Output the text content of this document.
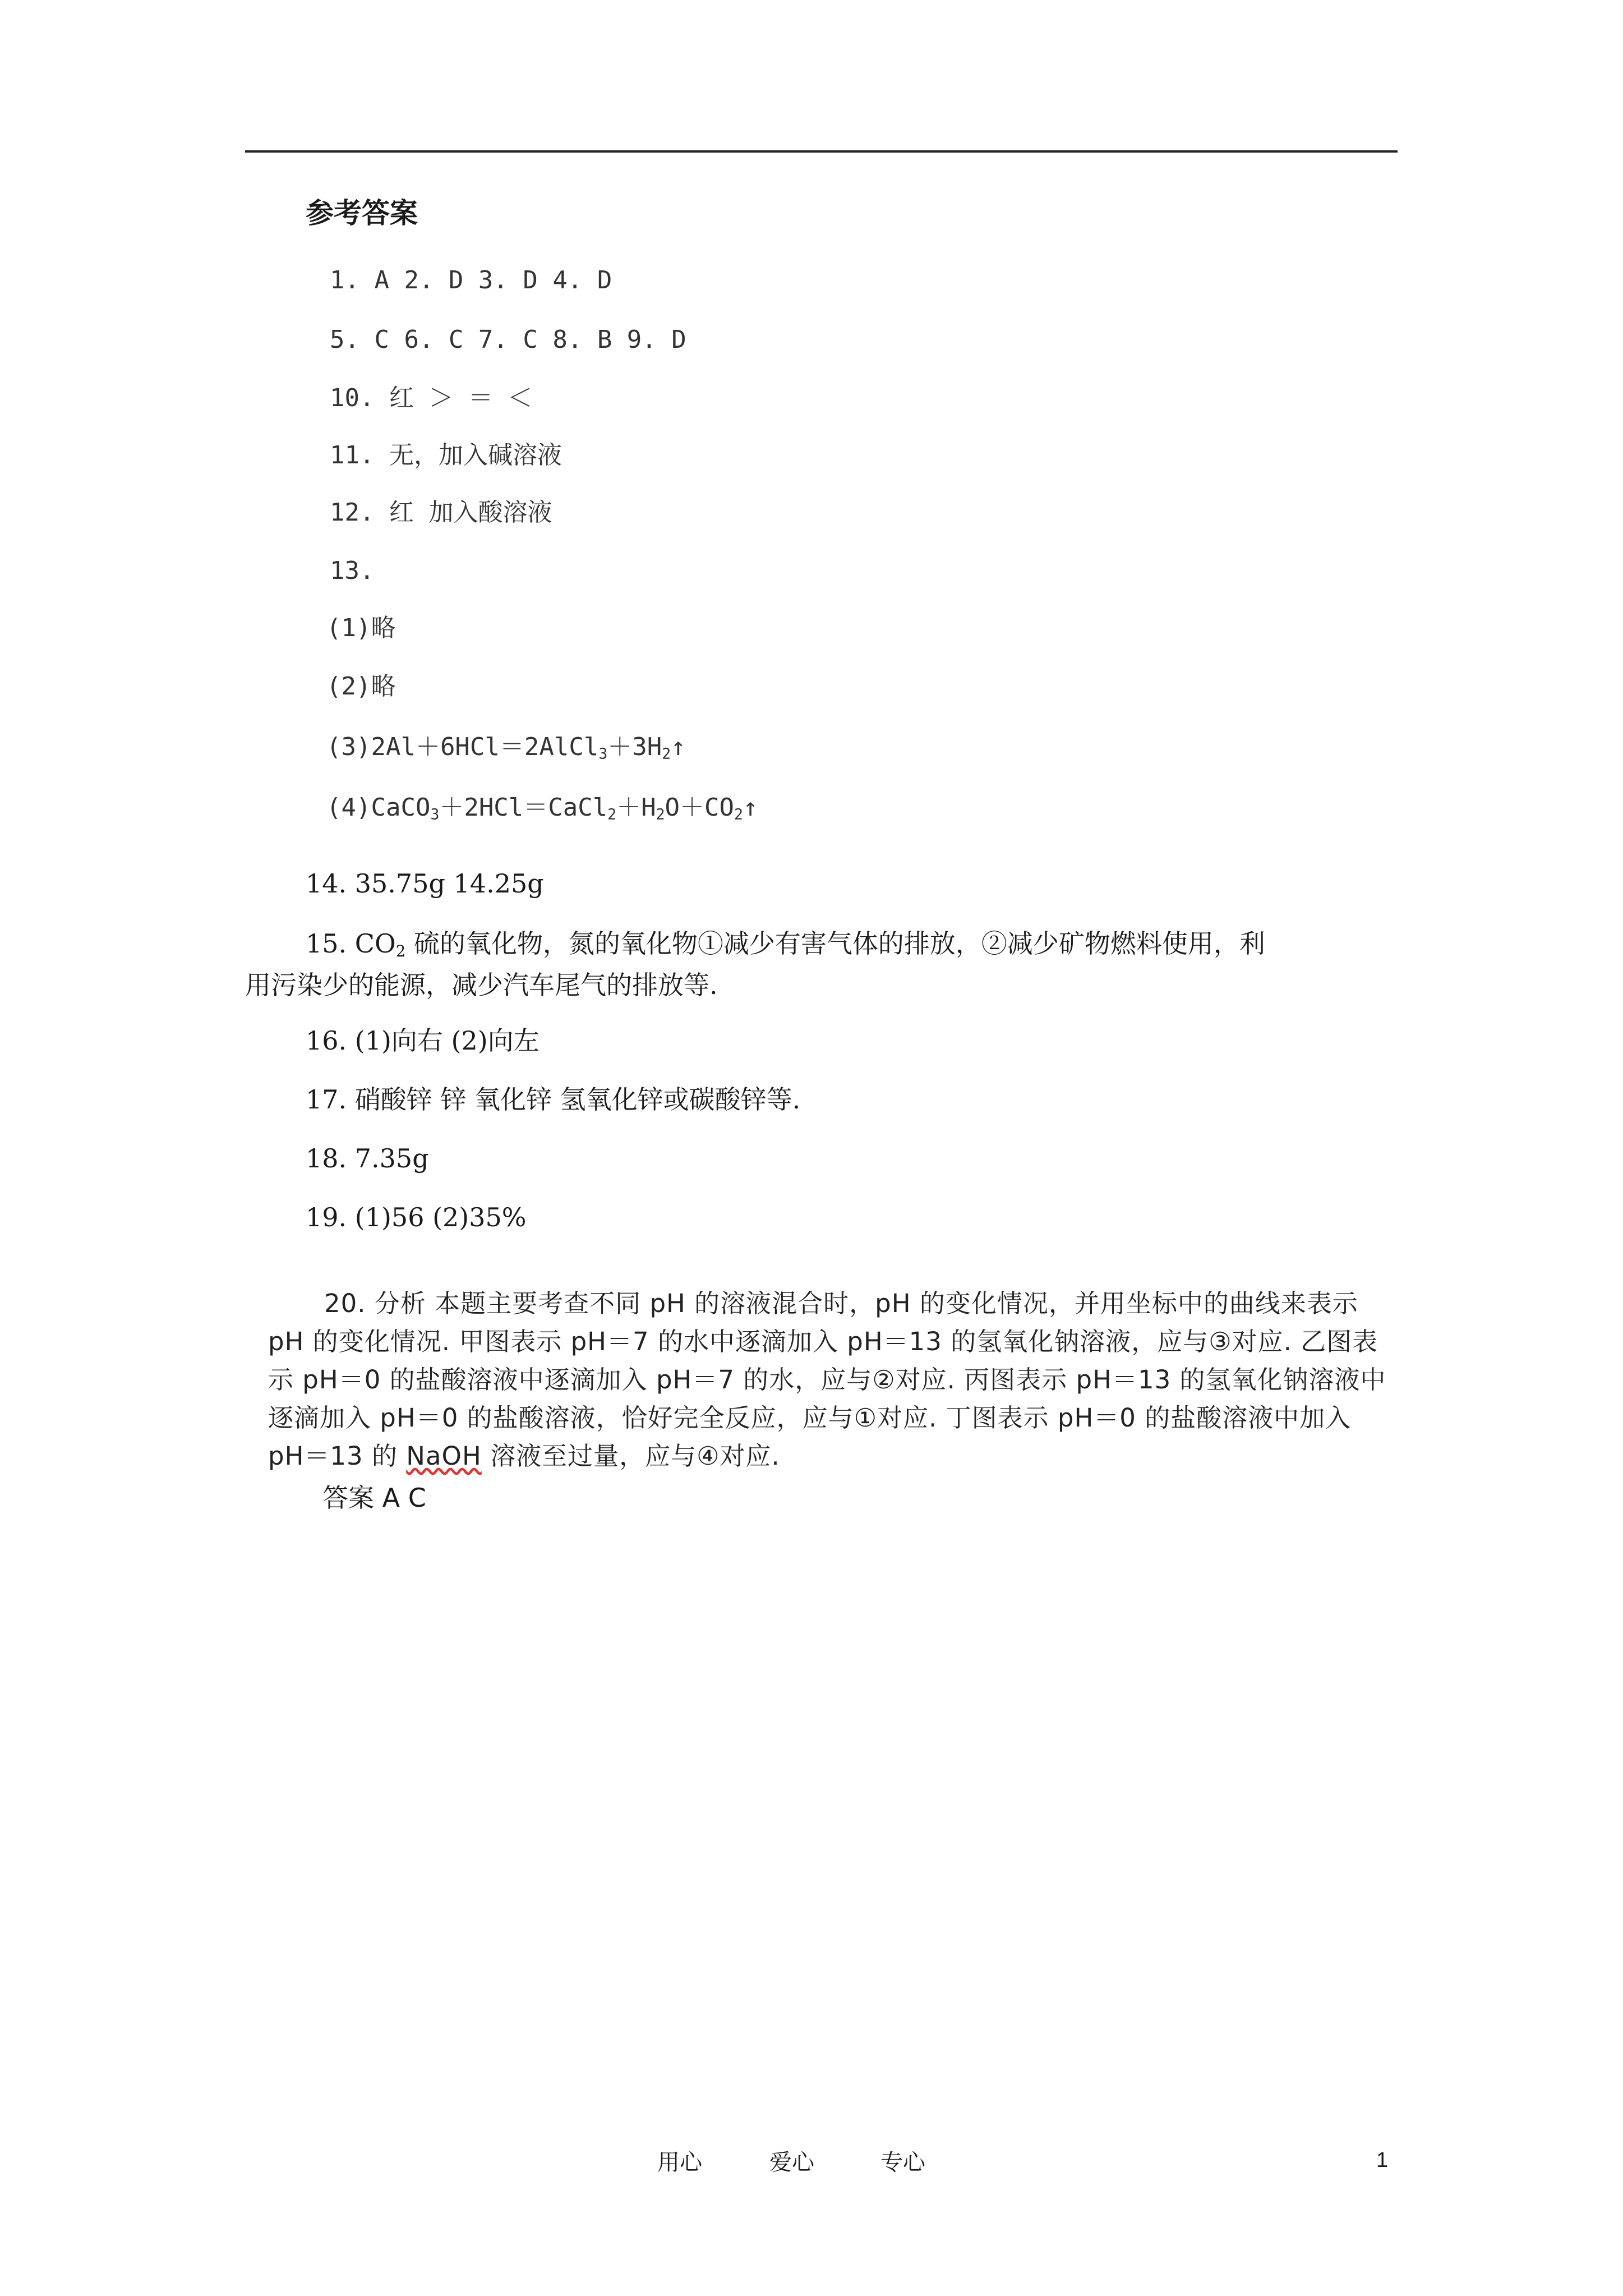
参考答案
1. A 2. D 3. D 4. D
5. C 6. C 7. C 8. B 9. D
10. 红 ＞ ＝ ＜
11. 无，加入碱溶液
12. 红 加入酸溶液
13.
(1)略
(2)略
$(3)2Al+6HCl=2AlCl_3+3H_2↑$
$(4)CaCO_3+2HCl=CaCl_2+H_2O+CO_2↑$
14. 35.75g 14.25g
15. $CO_2$ 硫的氧化物，氮的氧化物①减少有害气体的排放，②减少矿物燃料使用，利
用污染少的能源，减少汽车尾气的排放等.
16. (1)向右 (2)向左
17. 硝酸锌 锌 氧化锌 氢氧化锌或碳酸锌等.
18. 7.35g
19. (1)56 (2)35%
20. 分析 本题主要考查不同 pH 的溶液混合时，pH 的变化情况，并用坐标中的曲线来表示 pH 的变化情况. 甲图表示 pH＝7 的水中逐滴加入 pH＝13 的氢氧化钠溶液，应与③对应. 乙图表示 pH＝0 的盐酸溶液中逐滴加入 pH＝7 的水，应与②对应. 丙图表示 pH＝13 的氢氧化钠溶液中逐滴加入 pH＝0 的盐酸溶液，恰好完全反应，应与①对应. 丁图表示 pH＝0 的盐酸溶液中加入 pH＝13 的 NaOH 溶液至过量，应与④对应.
答案 A C
用心	爱心	专心	1
